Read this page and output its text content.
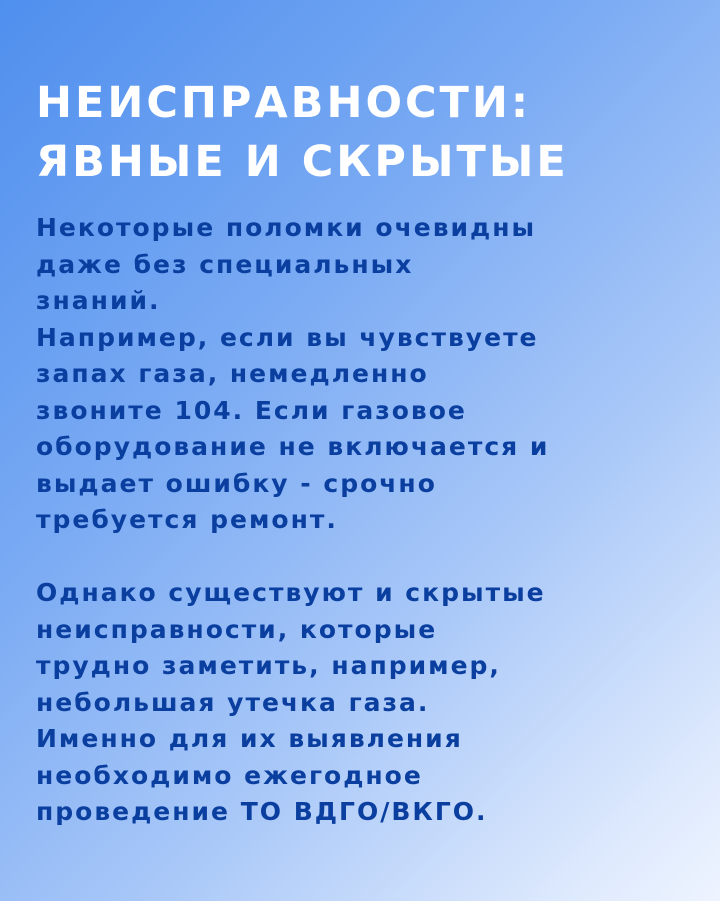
НЕИСПРАВНОСТИ:
ЯВНЫЕ И СКРЫТЫЕ
Некоторые поломки очевидны
даже без специальных
знаний.
Например, если вы чувствуете
запах газа, немедленно
звоните 104. Если газовое
оборудование не включается и
выдает ошибку - срочно
требуется ремонт.
Однако существуют и скрытые
неисправности, которые
трудно заметить, например,
небольшая утечка газа.
Именно для их выявления
необходимо ежегодное
проведение ТО ВДГО/ВКГО.
